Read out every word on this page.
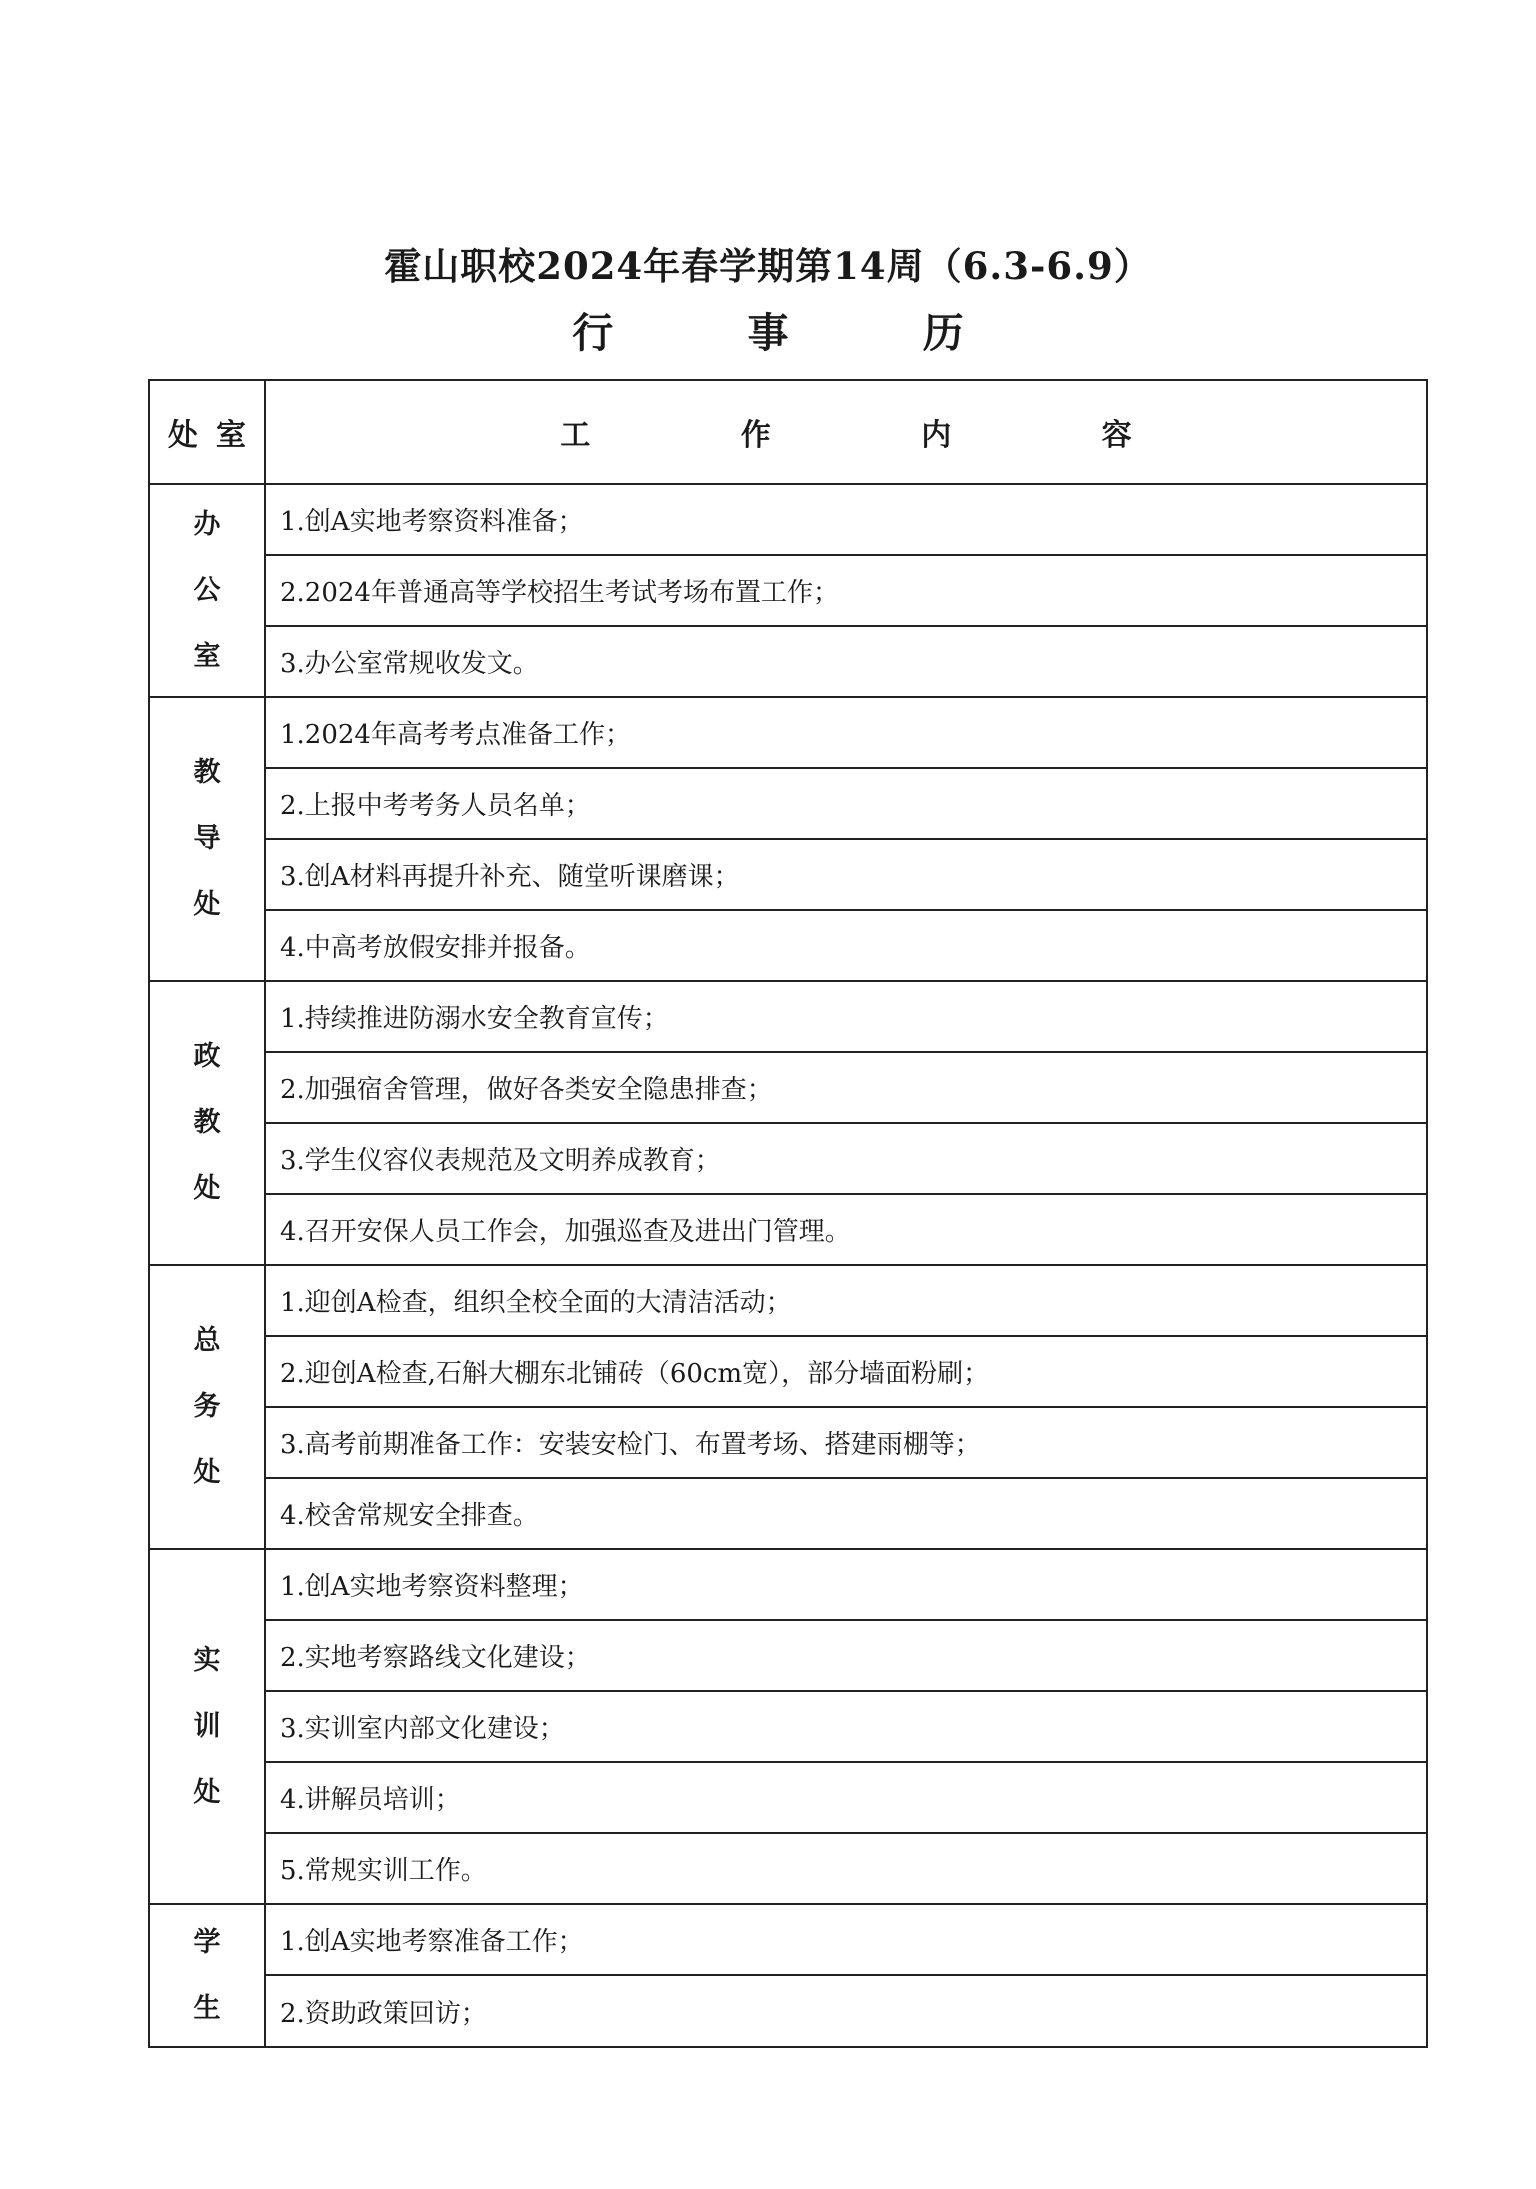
霍山职校2024年春学期第14周（6.3-6.9）
行 事 历
处室	工 作 内 容

办
公
室	1.创A实地考察资料准备；
	2.2024年普通高等学校招生考试考场布置工作；
	3.办公室常规收发文。

教
导
处	1.2024年高考考点准备工作；
	2.上报中考考务人员名单；
	3.创A材料再提升补充、随堂听课磨课；
	4.中高考放假安排并报备。

政
教
处	1.持续推进防溺水安全教育宣传；
	2.加强宿舍管理，做好各类安全隐患排查；
	3.学生仪容仪表规范及文明养成教育；
	4.召开安保人员工作会，加强巡查及进出门管理。

总
务
处	1.迎创A检查，组织全校全面的大清洁活动；
	2.迎创A检查,石斛大棚东北铺砖（60cm宽），部分墙面粉刷；
	3.高考前期准备工作：安装安检门、布置考场、搭建雨棚等；
	4.校舍常规安全排查。

实
训
处	1.创A实地考察资料整理；
	2.实地考察路线文化建设；
	3.实训室内部文化建设；
	4.讲解员培训；
	5.常规实训工作。

学
生	1.创A实地考察准备工作；
	2.资助政策回访；
